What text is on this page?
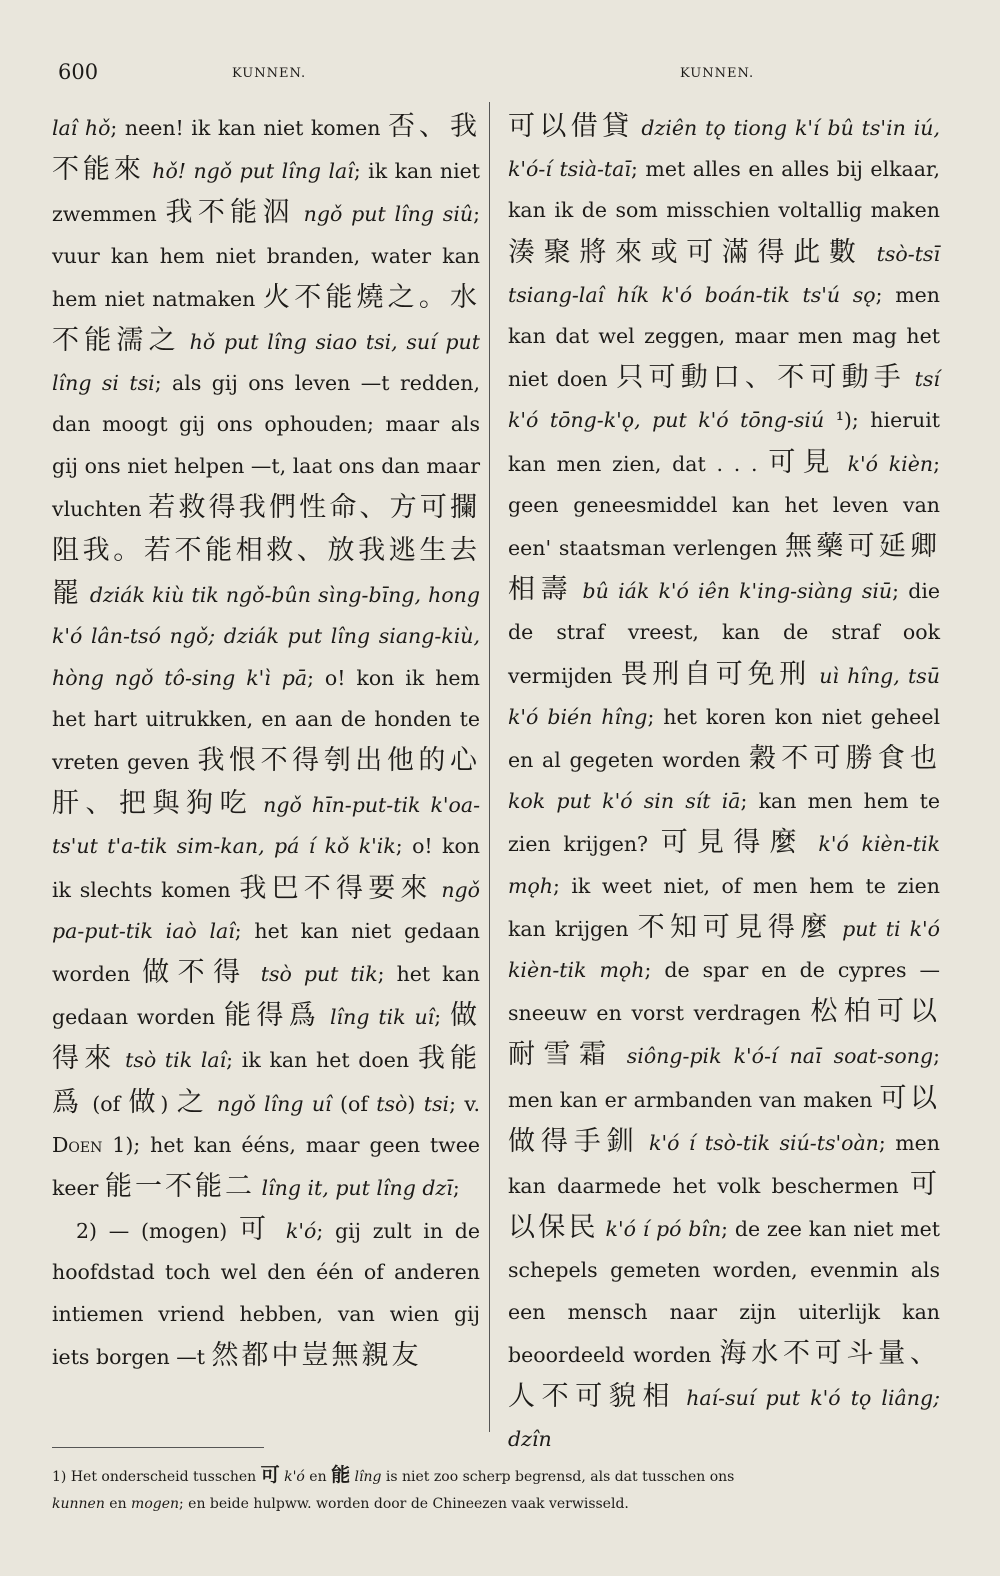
600	KUNNEN.	KUNNEN.
laî hǒ; neen! ik kan niet komen 否、我不能來 hǒ! ngǒ put lîng laî; ik kan niet zwemmen 我不能泅 ngǒ put lîng siû; vuur kan hem niet branden, water kan hem niet natmaken 火不能燒之。水不能濡之 hǒ put lîng siao tsi, suí put lîng si tsi; als gij ons leven —t redden, dan moogt gij ons ophouden; maar als gij ons niet helpen —t, laat ons dan maar vluchten 若救得我們性命、方可攔阻我。若不能相救、放我逃生去罷 dziák kiù tik ngǒ-bûn sìng-bīng, hong k'ó lân-tsó ngǒ; dziák put lîng siang-kiù, hòng ngǒ tô-sing k'ì pā; o! kon ik hem het hart uitrukken, en aan de honden te vreten geven 我恨不得刳出他的心肝、把與狗吃 ngǒ hīn-put-tik k'oa-ts'ut t'a-tik sim-kan, pá í kǒ k'ik; o! kon ik slechts komen 我巴不得要來 ngǒ pa-put-tik iaò laî; het kan niet gedaan worden 做不得 tsò put tik; het kan gedaan worden 能得爲 lîng tik uî; 做得來 tsò tik laî; ik kan het doen 我能爲 (of 做) 之 ngǒ lîng uî (of tsò) tsi; v. Doen 1); het kan ééns, maar geen twee keer 能一不能二 lîng it, put lîng dzī;
2) — (mogen) 可 k'ó; gij zult in de hoofdstad toch wel den één of anderen intiemen vriend hebben, van wien gij iets borgen —t 然都中豈無親友
可以借貸 dziên tǫ tiong k'í bû ts'in iú, k'ó-í tsià-taī; met alles en alles bij elkaar, kan ik de som misschien voltallig maken 湊聚將來或可滿得此數 tsò-tsī tsiang-laî hík k'ó boán-tik ts'ú sǫ; men kan dat wel zeggen, maar men mag het niet doen 只可動口、不可動手 tsí k'ó tōng-k'ǫ, put k'ó tōng-siú ¹); hieruit kan men zien, dat . . . 可見 k'ó kièn; geen geneesmiddel kan het leven van een' staatsman verlengen 無藥可延卿相壽 bû iák k'ó iên k'ing-siàng siū; die de straf vreest, kan de straf ook vermijden 畏刑自可免刑 uì hîng, tsū k'ó bién hîng; het koren kon niet geheel en al gegeten worden 穀不可勝食也 kok put k'ó sin sít iā; kan men hem te zien krijgen? 可見得麼 k'ó kièn-tik mǫh; ik weet niet, of men hem te zien kan krijgen 不知可見得麼 put ti k'ó kièn-tik mǫh; de spar en de cypres — sneeuw en vorst verdragen 松柏可以耐雪霜 siông-pik k'ó-í naī soat-song; men kan er armbanden van maken 可以做得手釧 k'ó í tsò-tik siú-ts'oàn; men kan daarmede het volk beschermen 可以保民 k'ó í pó bîn; de zee kan niet met schepels gemeten worden, evenmin als een mensch naar zijn uiterlijk kan beoordeeld worden 海水不可斗量、人不可貌相 haí-suí put k'ó tǫ liâng; dzîn
1) Het onderscheid tusschen 可 k'ó en 能 lîng is niet zoo scherp begrensd, als dat tusschen ons
kunnen en mogen; en beide hulpww. worden door de Chineezen vaak verwisseld.
